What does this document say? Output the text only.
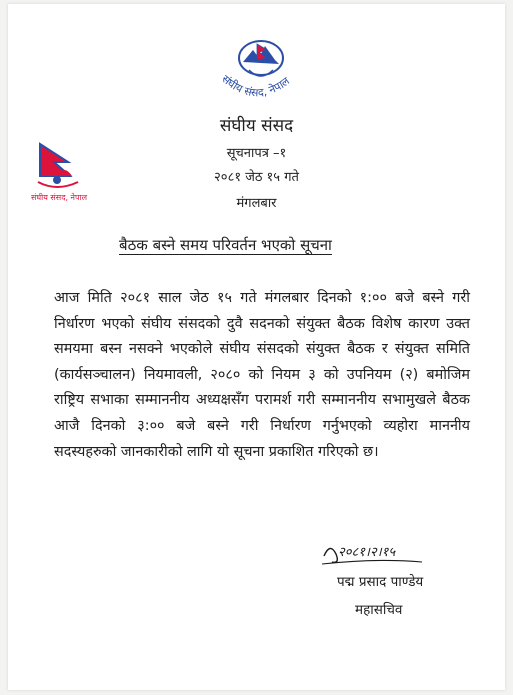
संघीय संसद, नेपाल
संघीय संसद, नेपाल
संघीय संसद
सूचनापत्र –१
२०८१ जेठ १५ गते
मंगलबार
बैठक बस्ने समय परिवर्तन भएको सूचना
आज मिति २०८१ साल जेठ १५ गते मंगलबार दिनको १:०० बजे बस्ने गरी निर्धारण भएको संघीय संसदको दुवै सदनको संयुक्त बैठक विशेष कारण उक्त समयमा बस्न नसक्ने भएकोले संघीय संसदको संयुक्त बैठक र संयुक्त समिति (कार्यसञ्चालन) नियमावली, २०८० को नियम ३ को उपनियम (२) बमोजिम राष्ट्रिय सभाका सम्माननीय अध्यक्षसँग परामर्श गरी सम्माननीय सभामुखले बैठक आजै दिनको ३:०० बजे बस्ने गरी निर्धारण गर्नुभएको व्यहोरा माननीय सदस्यहरुको जानकारीको लागि यो सूचना प्रकाशित गरिएको छ।
२०८१।२।१५
पद्म प्रसाद पाण्डेय
महासचिव
